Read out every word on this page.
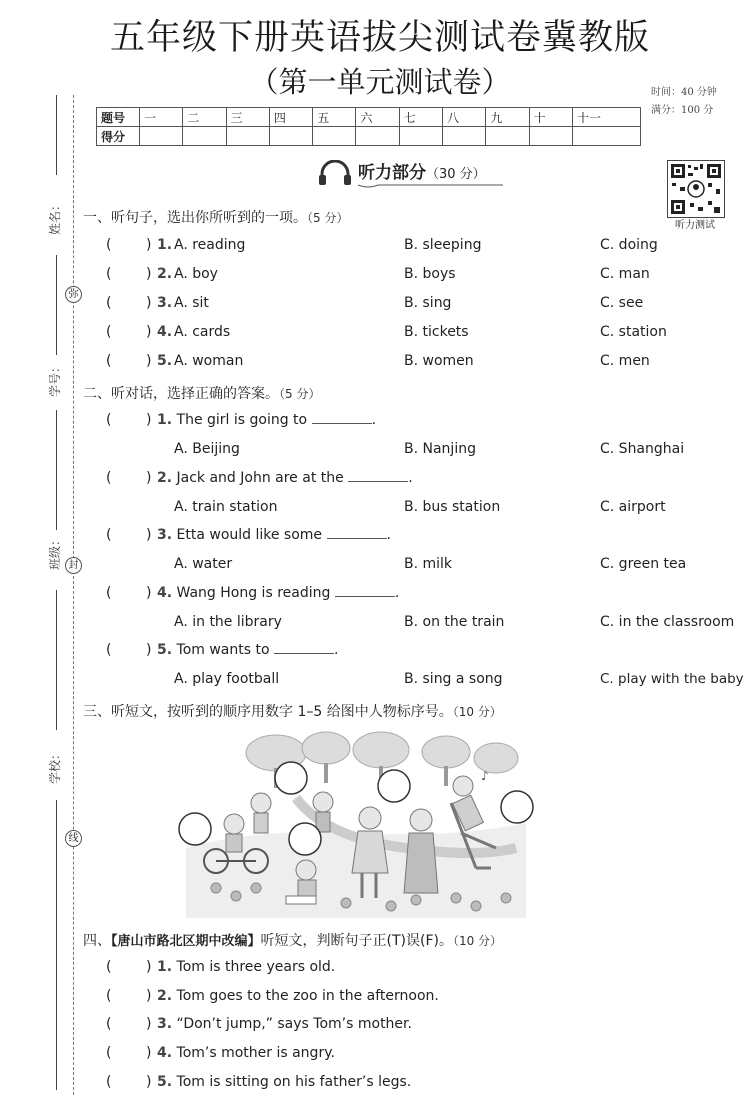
五年级下册英语拔尖测试卷冀教版
（第一单元测试卷）	时间：40 分钟
满分：100 分
题号	一	二	三	四	五	六	七	八	九	十	十一
得分											
姓名：
学号：
班级：
学校：
弥
封
线
听力部分（30 分）
听力测试
一、听句子，选出你所听到的一项。（5 分）
( ) 1. A. reading	B. sleeping	C. doing
( ) 2. A. boy	B. boys	C. man
( ) 3. A. sit	B. sing	C. see
( ) 4. A. cards	B. tickets	C. station
( ) 5. A. woman	B. women	C. men
二、听对话，选择正确的答案。（5 分）
( ) 1. The girl is going to	.
A. Beijing	B. Nanjing	C. Shanghai
( ) 2. Jack and John are at the	.
A. train station	B. bus station	C. airport
( ) 3. Etta would like some	.
A. water	B. milk	C. green tea
( ) 4. Wang Hong is reading	.
A. in the library	B. on the train	C. in the classroom
( ) 5. Tom wants to	.
A. play football	B. sing a song	C. play with the baby
三、听短文，按听到的顺序用数字 1–5 给图中人物标序号。（10 分）
♪
四、【唐山市路北区期中改编】听短文，判断句子正(T)误(F)。（10 分）
( ) 1. Tom is three years old.
( ) 2. Tom goes to the zoo in the afternoon.
( ) 3. “Don’t jump,” says Tom’s mother.
( ) 4. Tom’s mother is angry.
( ) 5. Tom is sitting on his father’s legs.
